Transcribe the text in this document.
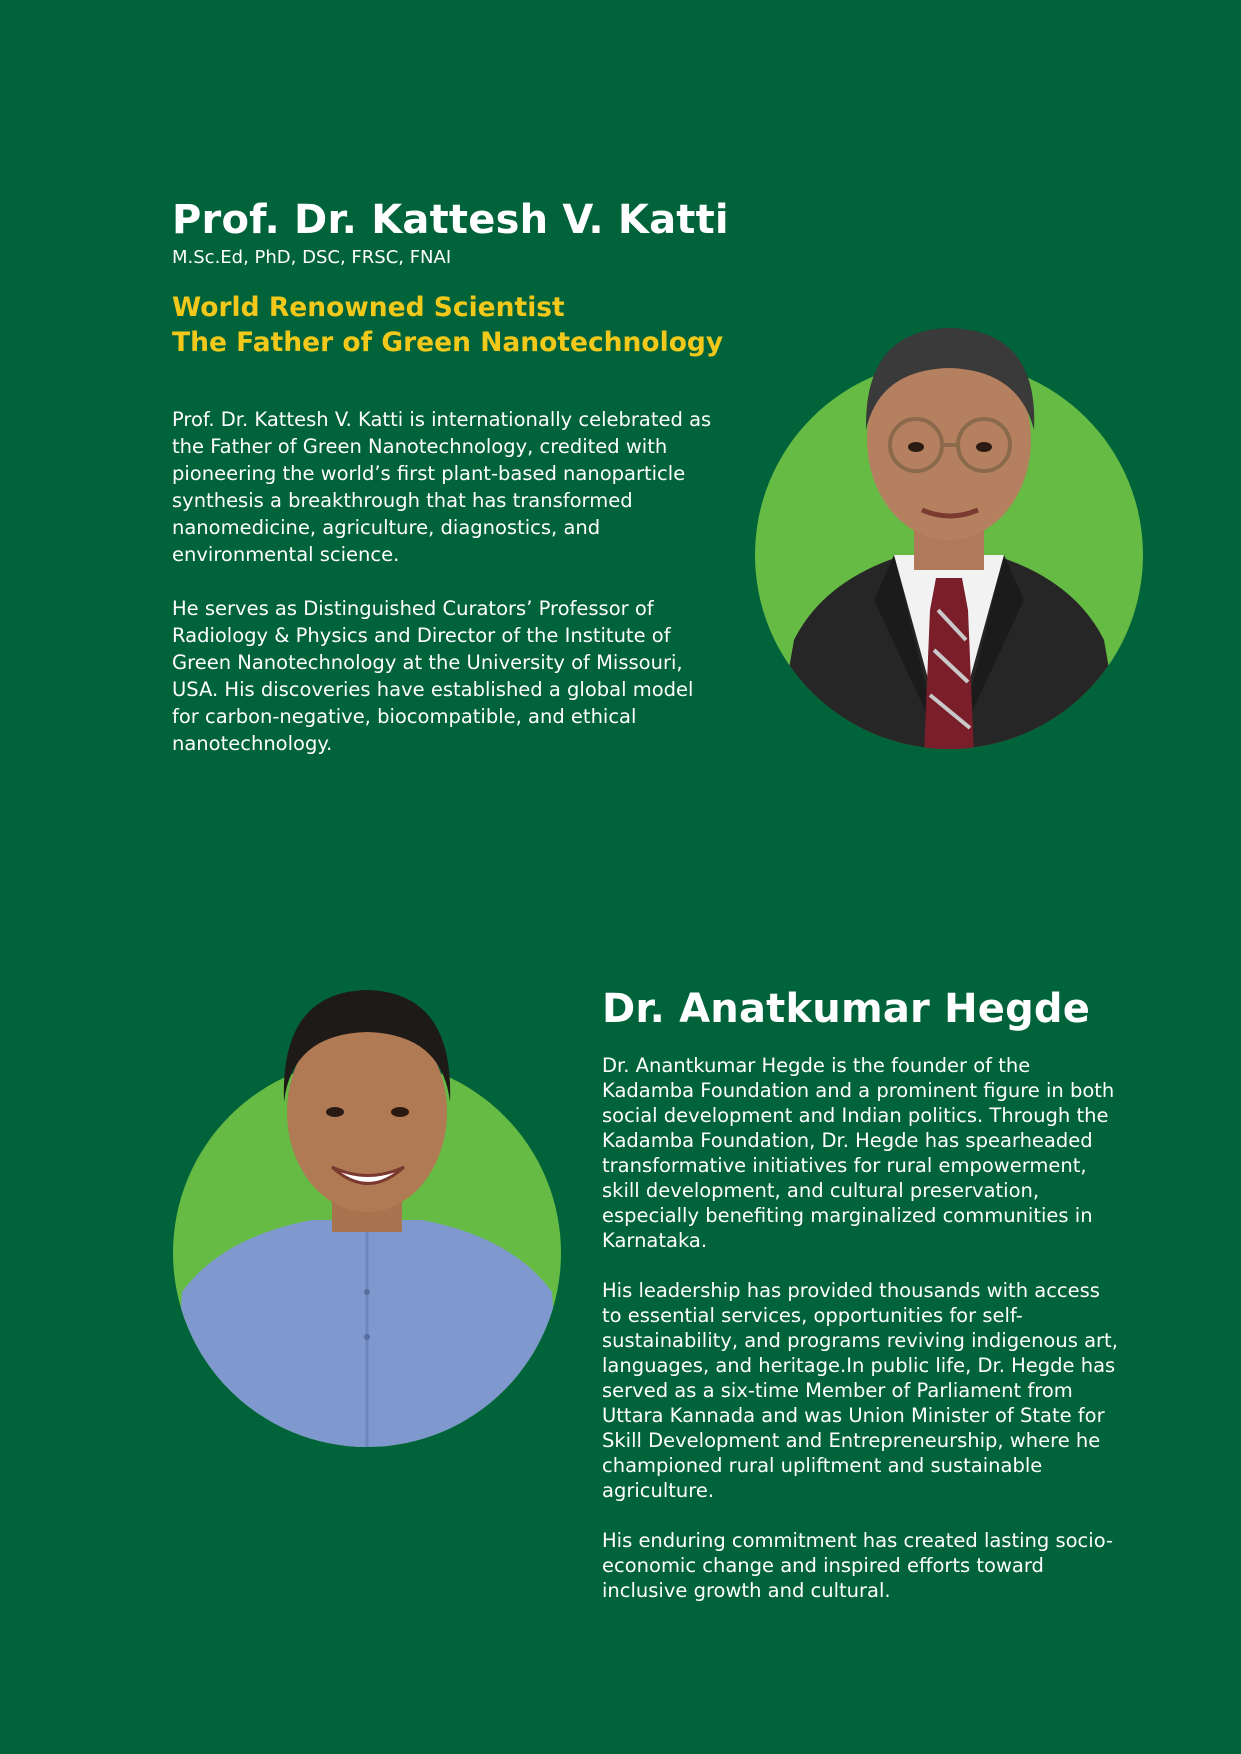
Prof. Dr. Kattesh V. Katti
M.Sc.Ed, PhD, DSC, FRSC, FNAI
World Renowned Scientist
The Father of Green Nanotechnology

Prof. Dr. Kattesh V. Katti is internationally celebrated as the Father of Green Nanotechnology, credited with pioneering the world’s first plant-based nanoparticle synthesis a breakthrough that has transformed nanomedicine, agriculture, diagnostics, and environmental science.

He serves as Distinguished Curators’ Professor of Radiology & Physics and Director of the Institute of Green Nanotechnology at the University of Missouri, USA. His discoveries have established a global model for carbon-negative, biocompatible, and ethical nanotechnology.

Dr. Anatkumar Hegde

Dr. Anantkumar Hegde is the founder of the Kadamba Foundation and a prominent figure in both social development and Indian politics. Through the Kadamba Foundation, Dr. Hegde has spearheaded transformative initiatives for rural empowerment, skill development, and cultural preservation, especially benefiting marginalized communities in Karnataka.

His leadership has provided thousands with access to essential services, opportunities for self-sustainability, and programs reviving indigenous art, languages, and heritage.In public life, Dr. Hegde has served as a six-time Member of Parliament from Uttara Kannada and was Union Minister of State for Skill Development and Entrepreneurship, where he championed rural upliftment and sustainable agriculture.

His enduring commitment has created lasting socio-economic change and inspired efforts toward inclusive growth and cultural.
